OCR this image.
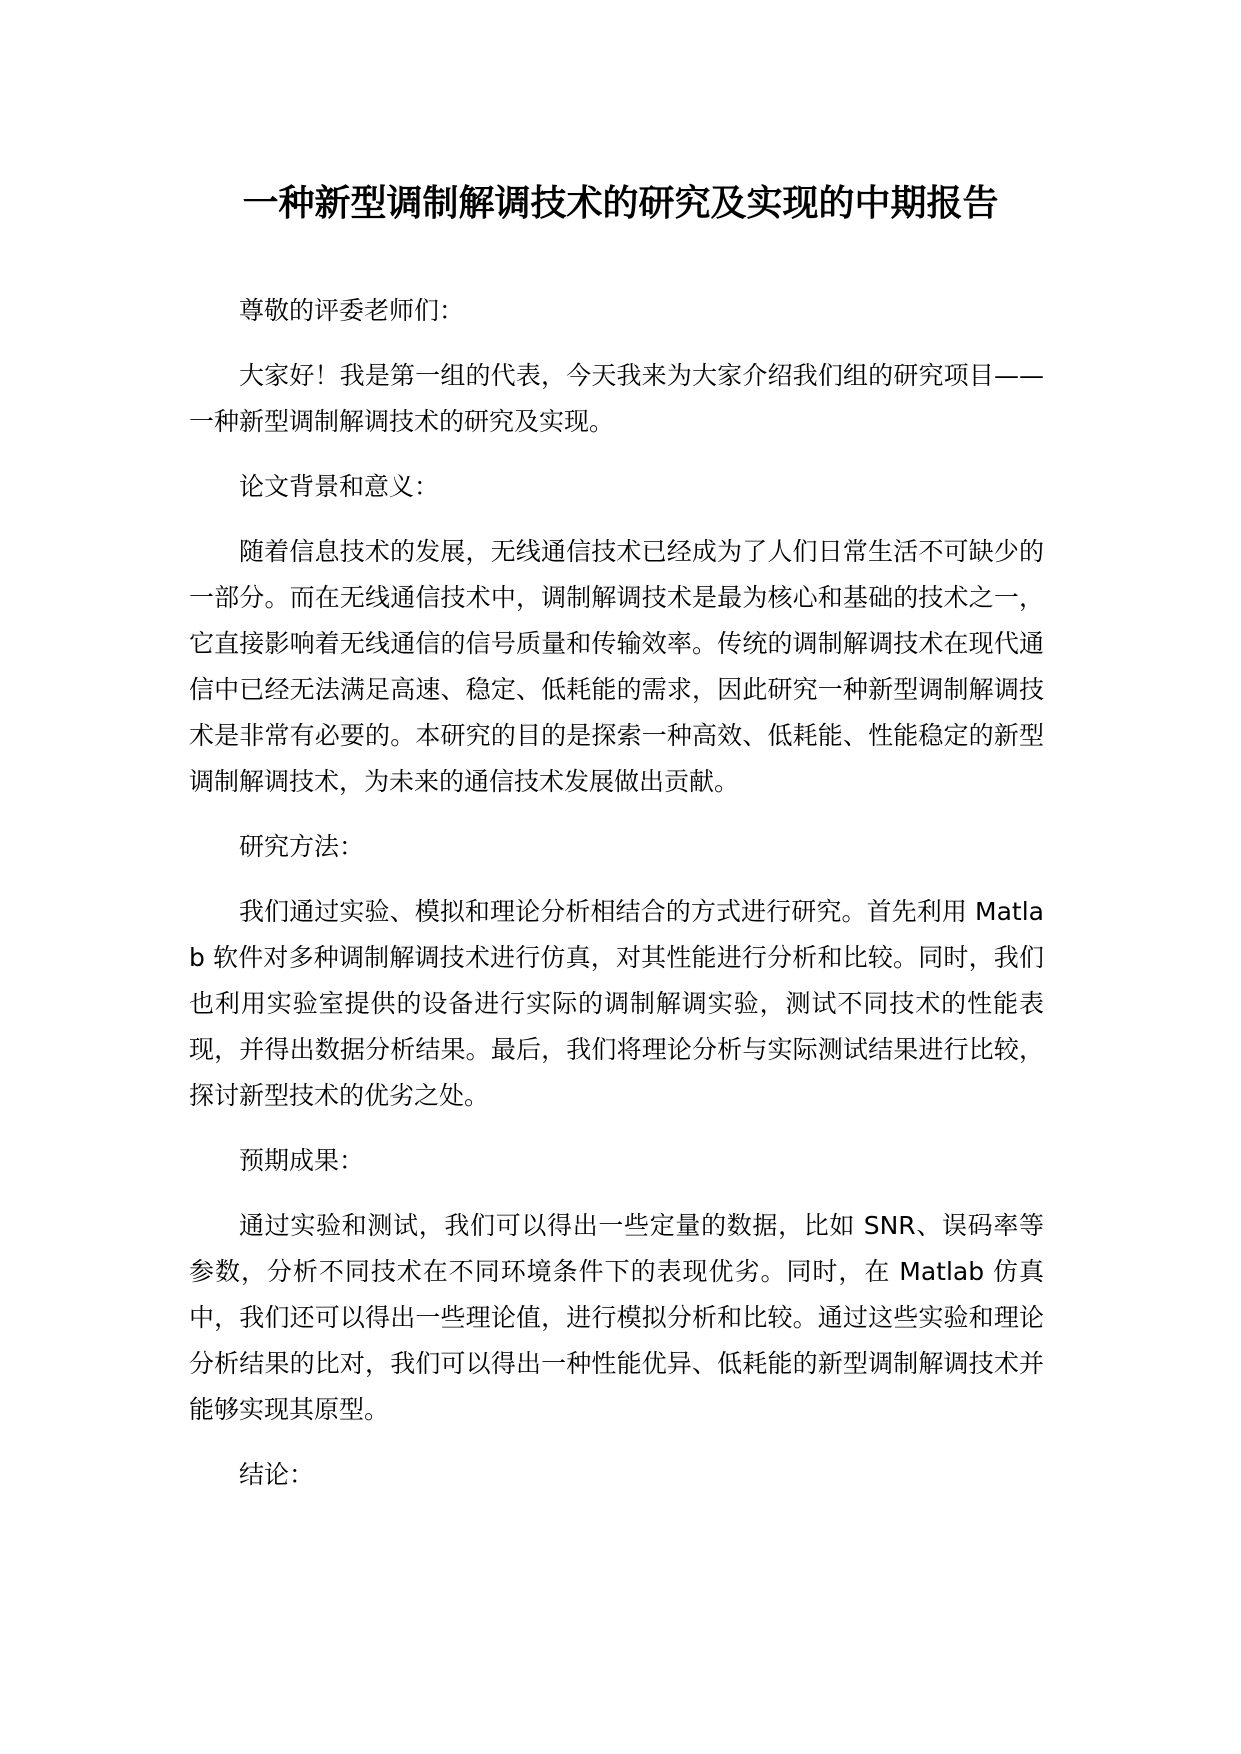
一种新型调制解调技术的研究及实现的中期报告

尊敬的评委老师们：

大家好！我是第一组的代表，今天我来为大家介绍我们组的研究项目——一种新型调制解调技术的研究及实现。

论文背景和意义：

随着信息技术的发展，无线通信技术已经成为了人们日常生活不可缺少的一部分。而在无线通信技术中，调制解调技术是最为核心和基础的技术之一，它直接影响着无线通信的信号质量和传输效率。传统的调制解调技术在现代通信中已经无法满足高速、稳定、低耗能的需求，因此研究一种新型调制解调技术是非常有必要的。本研究的目的是探索一种高效、低耗能、性能稳定的新型调制解调技术，为未来的通信技术发展做出贡献。

研究方法：

我们通过实验、模拟和理论分析相结合的方式进行研究。首先利用 Matlab 软件对多种调制解调技术进行仿真，对其性能进行分析和比较。同时，我们也利用实验室提供的设备进行实际的调制解调实验，测试不同技术的性能表现，并得出数据分析结果。最后，我们将理论分析与实际测试结果进行比较，探讨新型技术的优劣之处。

预期成果：

通过实验和测试，我们可以得出一些定量的数据，比如 SNR、误码率等参数，分析不同技术在不同环境条件下的表现优劣。同时，在 Matlab 仿真中，我们还可以得出一些理论值，进行模拟分析和比较。通过这些实验和理论分析结果的比对，我们可以得出一种性能优异、低耗能的新型调制解调技术并能够实现其原型。

结论：
